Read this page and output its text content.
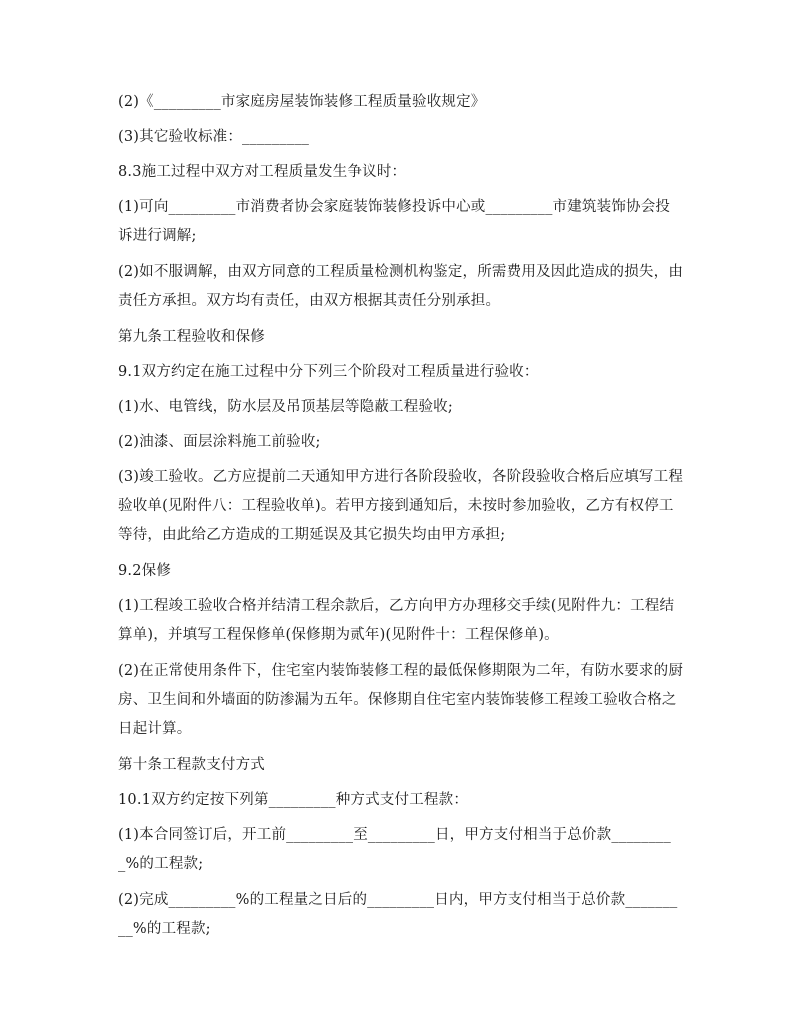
(2)《_________市家庭房屋装饰装修工程质量验收规定》

(3)其它验收标准：_________

8.3施工过程中双方对工程质量发生争议时：

(1)可向_________市消费者协会家庭装饰装修投诉中心或_________市建筑装饰协会投诉进行调解;

(2)如不服调解，由双方同意的工程质量检测机构鉴定，所需费用及因此造成的损失，由责任方承担。双方均有责任，由双方根据其责任分别承担。

第九条工程验收和保修

9.1双方约定在施工过程中分下列三个阶段对工程质量进行验收：

(1)水、电管线，防水层及吊顶基层等隐蔽工程验收;

(2)油漆、面层涂料施工前验收;

(3)竣工验收。乙方应提前二天通知甲方进行各阶段验收，各阶段验收合格后应填写工程验收单(见附件八：工程验收单)。若甲方接到通知后，未按时参加验收，乙方有权停工等待，由此给乙方造成的工期延误及其它损失均由甲方承担;

9.2保修

(1)工程竣工验收合格并结清工程余款后，乙方向甲方办理移交手续(见附件九：工程结算单)，并填写工程保修单(保修期为贰年)(见附件十：工程保修单)。

(2)在正常使用条件下，住宅室内装饰装修工程的最低保修期限为二年，有防水要求的厨房、卫生间和外墙面的防渗漏为五年。保修期自住宅室内装饰装修工程竣工验收合格之日起计算。

第十条工程款支付方式

10.1双方约定按下列第_________种方式支付工程款：

(1)本合同签订后，开工前_________至_________日，甲方支付相当于总价款_________%的工程款;

(2)完成_________%的工程量之日后的_________日内，甲方支付相当于总价款_________%的工程款;
